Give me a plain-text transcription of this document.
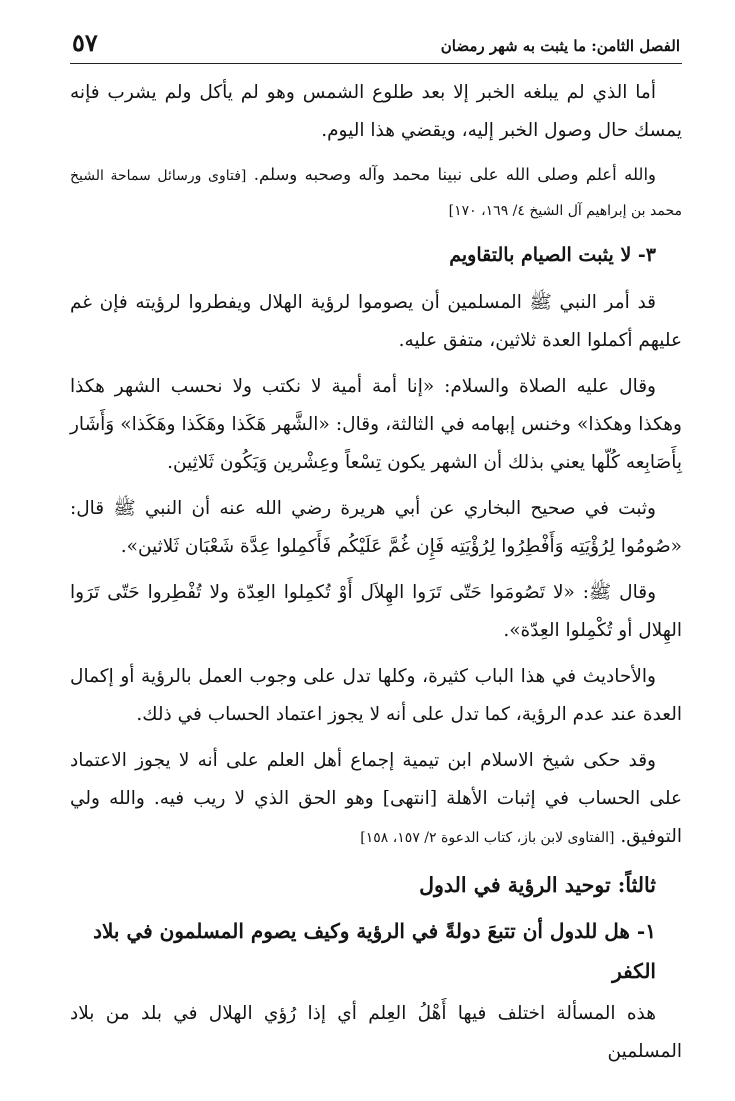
الفصل الثامن: ما يثبت به شهر رمضان
٥٧

أما الذي لم يبلغه الخبر إلا بعد طلوع الشمس وهو لم يأكل ولم يشرب فإنه يمسك حال وصول الخبر إليه، ويقضي هذا اليوم.

والله أعلم وصلى الله على نبينا محمد وآله وصحبه وسلم. [فتاوى ورسائل سماحة الشيخ محمد بن إبراهيم آل الشيخ ٤/ ١٦٩، ١٧٠]

٣- لا يثبت الصيام بالتقاويم

قد أمر النبي ﷺ المسلمين أن يصوموا لرؤية الهلال ويفطروا لرؤيته فإن غم عليهم أكملوا العدة ثلاثين، متفق عليه.

وقال عليه الصلاة والسلام: «إنا أمة أمية لا نكتب ولا نحسب الشهر هكذا وهكذا وهكذا» وخنس إبهامه في الثالثة، وقال: «الشَّهر هَكَذا وهَكَذا وهَكَذا» وَأَشَار بِأَصَابِعه كُلّها يعني بذلك أن الشهر يكون تِسْعاً وعِشْرين وَيَكُون ثَلاثِين.

وثبت في صحيح البخاري عن أبي هريرة رضي الله عنه أن النبي ﷺ قال: «صُومُوا لِرُؤْيَتِه وَأَفْطِرُوا لِرُؤْيَتِه فَإِن غُمَّ عَلَيْكُم فَأَكمِلوا عِدَّة شَعْبَان ثَلاثين».

وقال ﷺ: «لا تَصُومَوا حَتّى تَرَوا الهِلاَل أَوْ تُكمِلوا العِدّة ولا تُفْطِروا حَتّى تَرَوا الهِلال أو تُكْمِلوا العِدّة».

والأحاديث في هذا الباب كثيرة، وكلها تدل على وجوب العمل بالرؤية أو إكمال العدة عند عدم الرؤية، كما تدل على أنه لا يجوز اعتماد الحساب في ذلك.

وقد حكى شيخ الاسلام ابن تيمية إجماع أهل العلم على أنه لا يجوز الاعتماد على الحساب في إثبات الأهلة [انتهى] وهو الحق الذي لا ريب فيه. والله ولي التوفيق. [الفتاوى لابن باز، كتاب الدعوة ٢/ ١٥٧، ١٥٨]

ثالثاً: توحيد الرؤية في الدول
١- هل للدول أن تتبعَ دولةً في الرؤية وكيف يصوم المسلمون في بلاد الكفر

هذه المسألة اختلف فيها أَهْلُ العِلم أي إذا رُؤي الهلال في بلد من بلاد المسلمين
